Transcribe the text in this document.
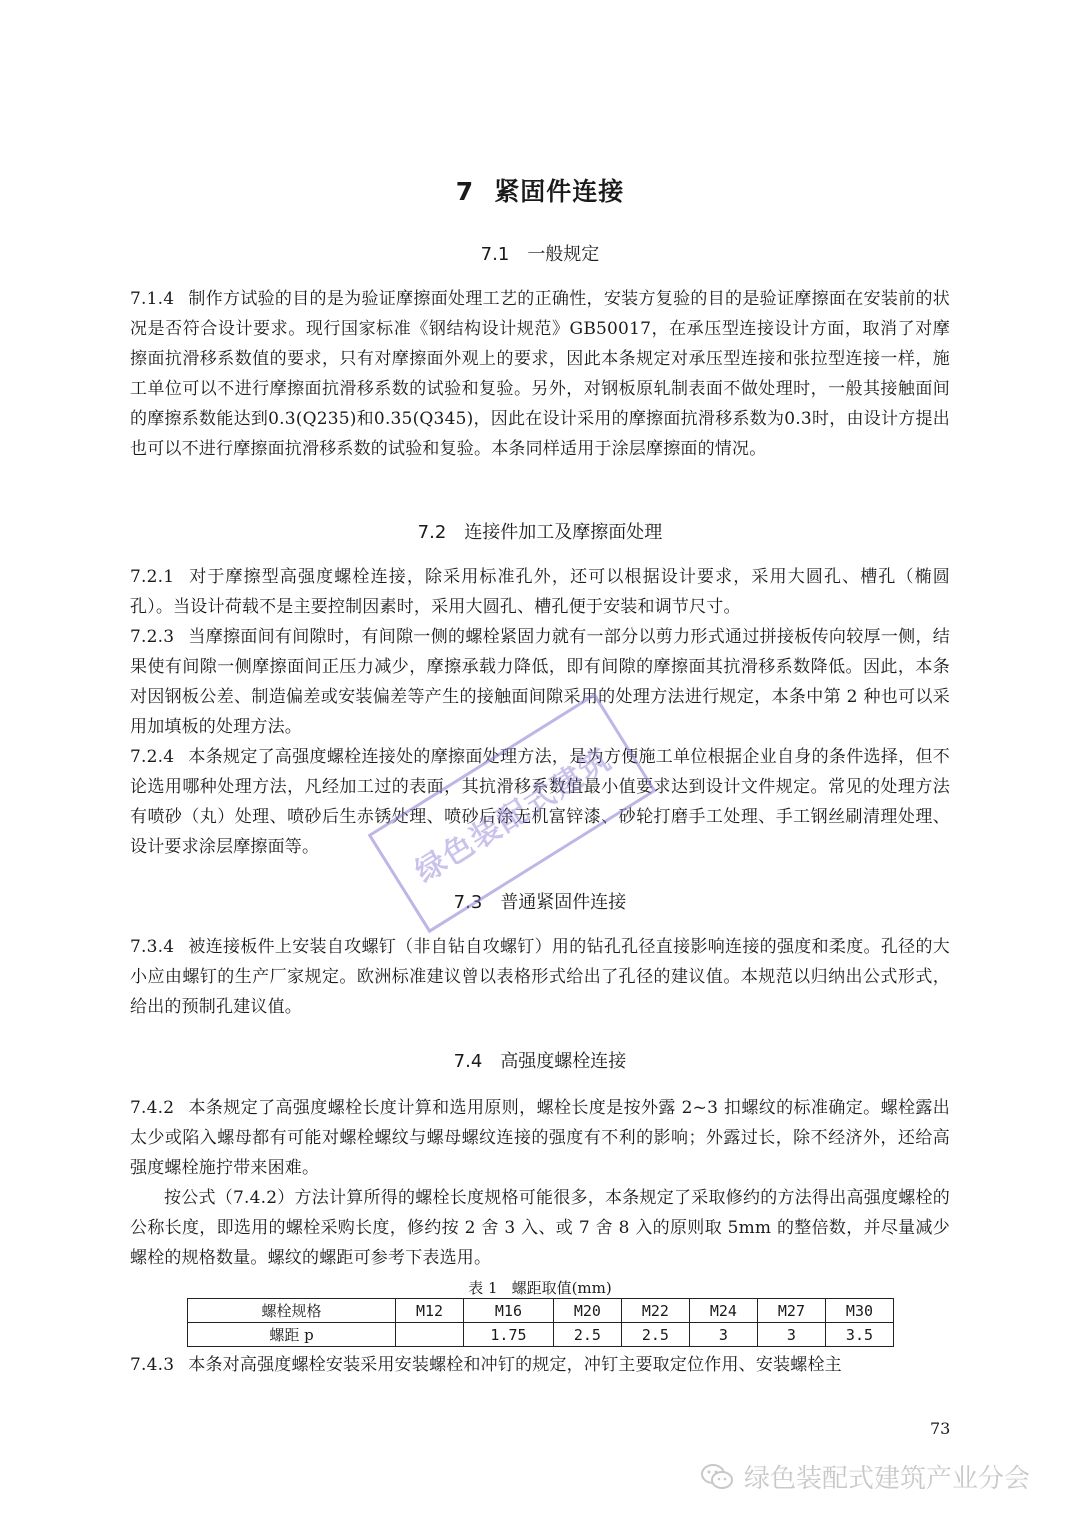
7 紧固件连接
7.1 一般规定
7.1.4 制作方试验的目的是为验证摩擦面处理工艺的正确性，安装方复验的目的是验证摩擦面在安装前的状况是否符合设计要求。现行国家标准《钢结构设计规范》GB50017，在承压型连接设计方面，取消了对摩擦面抗滑移系数值的要求，只有对摩擦面外观上的要求，因此本条规定对承压型连接和张拉型连接一样，施工单位可以不进行摩擦面抗滑移系数的试验和复验。另外，对钢板原轧制表面不做处理时，一般其接触面间的摩擦系数能达到0.3(Q235)和0.35(Q345)，因此在设计采用的摩擦面抗滑移系数为0.3时，由设计方提出也可以不进行摩擦面抗滑移系数的试验和复验。本条同样适用于涂层摩擦面的情况。
7.2 连接件加工及摩擦面处理
7.2.1 对于摩擦型高强度螺栓连接，除采用标准孔外，还可以根据设计要求，采用大圆孔、槽孔（椭圆孔）。当设计荷载不是主要控制因素时，采用大圆孔、槽孔便于安装和调节尺寸。
7.2.3 当摩擦面间有间隙时，有间隙一侧的螺栓紧固力就有一部分以剪力形式通过拼接板传向较厚一侧，结果使有间隙一侧摩擦面间正压力减少，摩擦承载力降低，即有间隙的摩擦面其抗滑移系数降低。因此，本条对因钢板公差、制造偏差或安装偏差等产生的接触面间隙采用的处理方法进行规定，本条中第 2 种也可以采用加填板的处理方法。
7.2.4 本条规定了高强度螺栓连接处的摩擦面处理方法，是为方便施工单位根据企业自身的条件选择，但不论选用哪种处理方法，凡经加工过的表面，其抗滑移系数值最小值要求达到设计文件规定。常见的处理方法有喷砂（丸）处理、喷砂后生赤锈处理、喷砂后涂无机富锌漆、砂轮打磨手工处理、手工钢丝刷清理处理、设计要求涂层摩擦面等。
7.3 普通紧固件连接
7.3.4 被连接板件上安装自攻螺钉（非自钻自攻螺钉）用的钻孔孔径直接影响连接的强度和柔度。孔径的大小应由螺钉的生产厂家规定。欧洲标准建议曾以表格形式给出了孔径的建议值。本规范以归纳出公式形式，给出的预制孔建议值。
7.4 高强度螺栓连接
7.4.2 本条规定了高强度螺栓长度计算和选用原则，螺栓长度是按外露 2~3 扣螺纹的标准确定。螺栓露出太少或陷入螺母都有可能对螺栓螺纹与螺母螺纹连接的强度有不利的影响；外露过长，除不经济外，还给高强度螺栓施拧带来困难。
按公式（7.4.2）方法计算所得的螺栓长度规格可能很多，本条规定了采取修约的方法得出高强度螺栓的公称长度，即选用的螺栓采购长度，修约按 2 舍 3 入、或 7 舍 8 入的原则取 5mm 的整倍数，并尽量减少螺栓的规格数量。螺纹的螺距可参考下表选用。
表 1 螺距取值(mm)
螺栓规格	M12	M16	M20	M22	M24	M27	M30
螺距 p		1.75	2.5	2.5	3	3	3.5
7.4.3 本条对高强度螺栓安装采用安装螺栓和冲钉的规定，冲钉主要取定位作用、安装螺栓主
73
绿色装配式建筑
绿色装配式建筑产业分会
